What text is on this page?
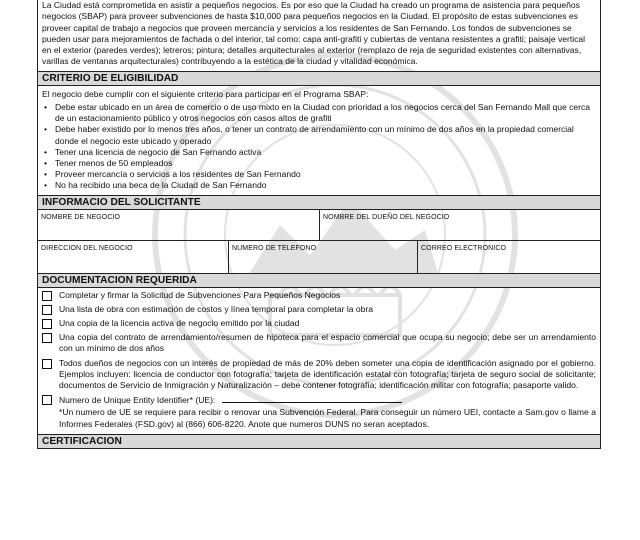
La Ciudad está comprometida en asistir a pequeños negocios. Es por eso que la Ciudad ha creado un programa de asistencia para pequeños negocios (SBAP) para proveer subvenciones de hasta $10,000 para pequeños negocios en la Ciudad. El propósito de estas subvenciones es proveer capital de trabajo a negocios que proveen mercancía y servicios a los residentes de San Fernando. Los fondos de subvenciones se pueden usar para mejoramientos de fachada o del interior, tal como: capa anti-grafiti y cubiertas de ventana resistentes a grafiti; paisaje vertical en el exterior (paredes verdes); letreros; pintura; detalles arquitecturales al exterior (remplazo de reja de seguridad existentes con alternativas, varillas de ventanas arquitecturales) contribuyendo a la estética de la ciudad y vitalidad económica.
CRITERIO DE ELIGIBILIDAD
El negocio debe cumplir con el siguiente criterio para participar en el Programa SBAP:
• Debe estar ubicado en un área de comercio o de uso mixto en la Ciudad con prioridad a los negocios cerca del San Fernando Mall que cerca de un estacionamiento público y otros negocios con casos altos de grafiti
• Debe haber existido por lo menos tres años, o tener un contrato de arrendamiento con un mínimo de dos años en la propiedad comercial donde el negocio este ubicado y operado
• Tener una licencia de negocio de San Fernando activa
• Tener menos de 50 empleados
• Proveer mercancía o servicios a los residentes de San Fernando
• No ha recibido una beca de la Ciudad de San Fernando
INFORMACIO DEL SOLICITANTE
NOMBRE DE NEGOCIO	NOMBRE DEL DUEÑO DEL NEGOCIO
DIRECCION DEL NEGOCIO	NUMERO DE TELEFONO	CORREO ELECTRONICO
DOCUMENTACION REQUERIDA
Completar y firmar la Solicitud de Subvenciones Para Pequeños Negocios
Una lista de obra con estimación de costos y línea temporal para completar la obra
Una copia de la licencia activa de negocio emitido por la ciudad
Una copia del contrato de arrendamiento/resumen de hipoteca para el espacio comercial que ocupa su negocio; debe ser un arrendamiento con un mínimo de dos años
Todos dueños de negocios con un interés de propiedad de más de 20% deben someter una copia de identificación asignado por el gobierno. Ejemplos incluyen: licencia de conductor con fotografía; tarjeta de identificación estatal con fotografía; tarjeta de seguro social de solicitante; documentos de Servicio de Inmigración y Naturalización – debe contener fotografía; identificación militar con fotografía; pasaporte valido.
Numero de Unique Entity Identifier* (UE):
*Un numero de UE se requiere para recibir o renovar una Subvención Federal. Para conseguir un número UEI, contacte a Sam.gov o llame a Informes Federales (FSD.gov) al (866) 606-8220. Anote que numeros DUNS no seran aceptados.
CERTIFICACION
